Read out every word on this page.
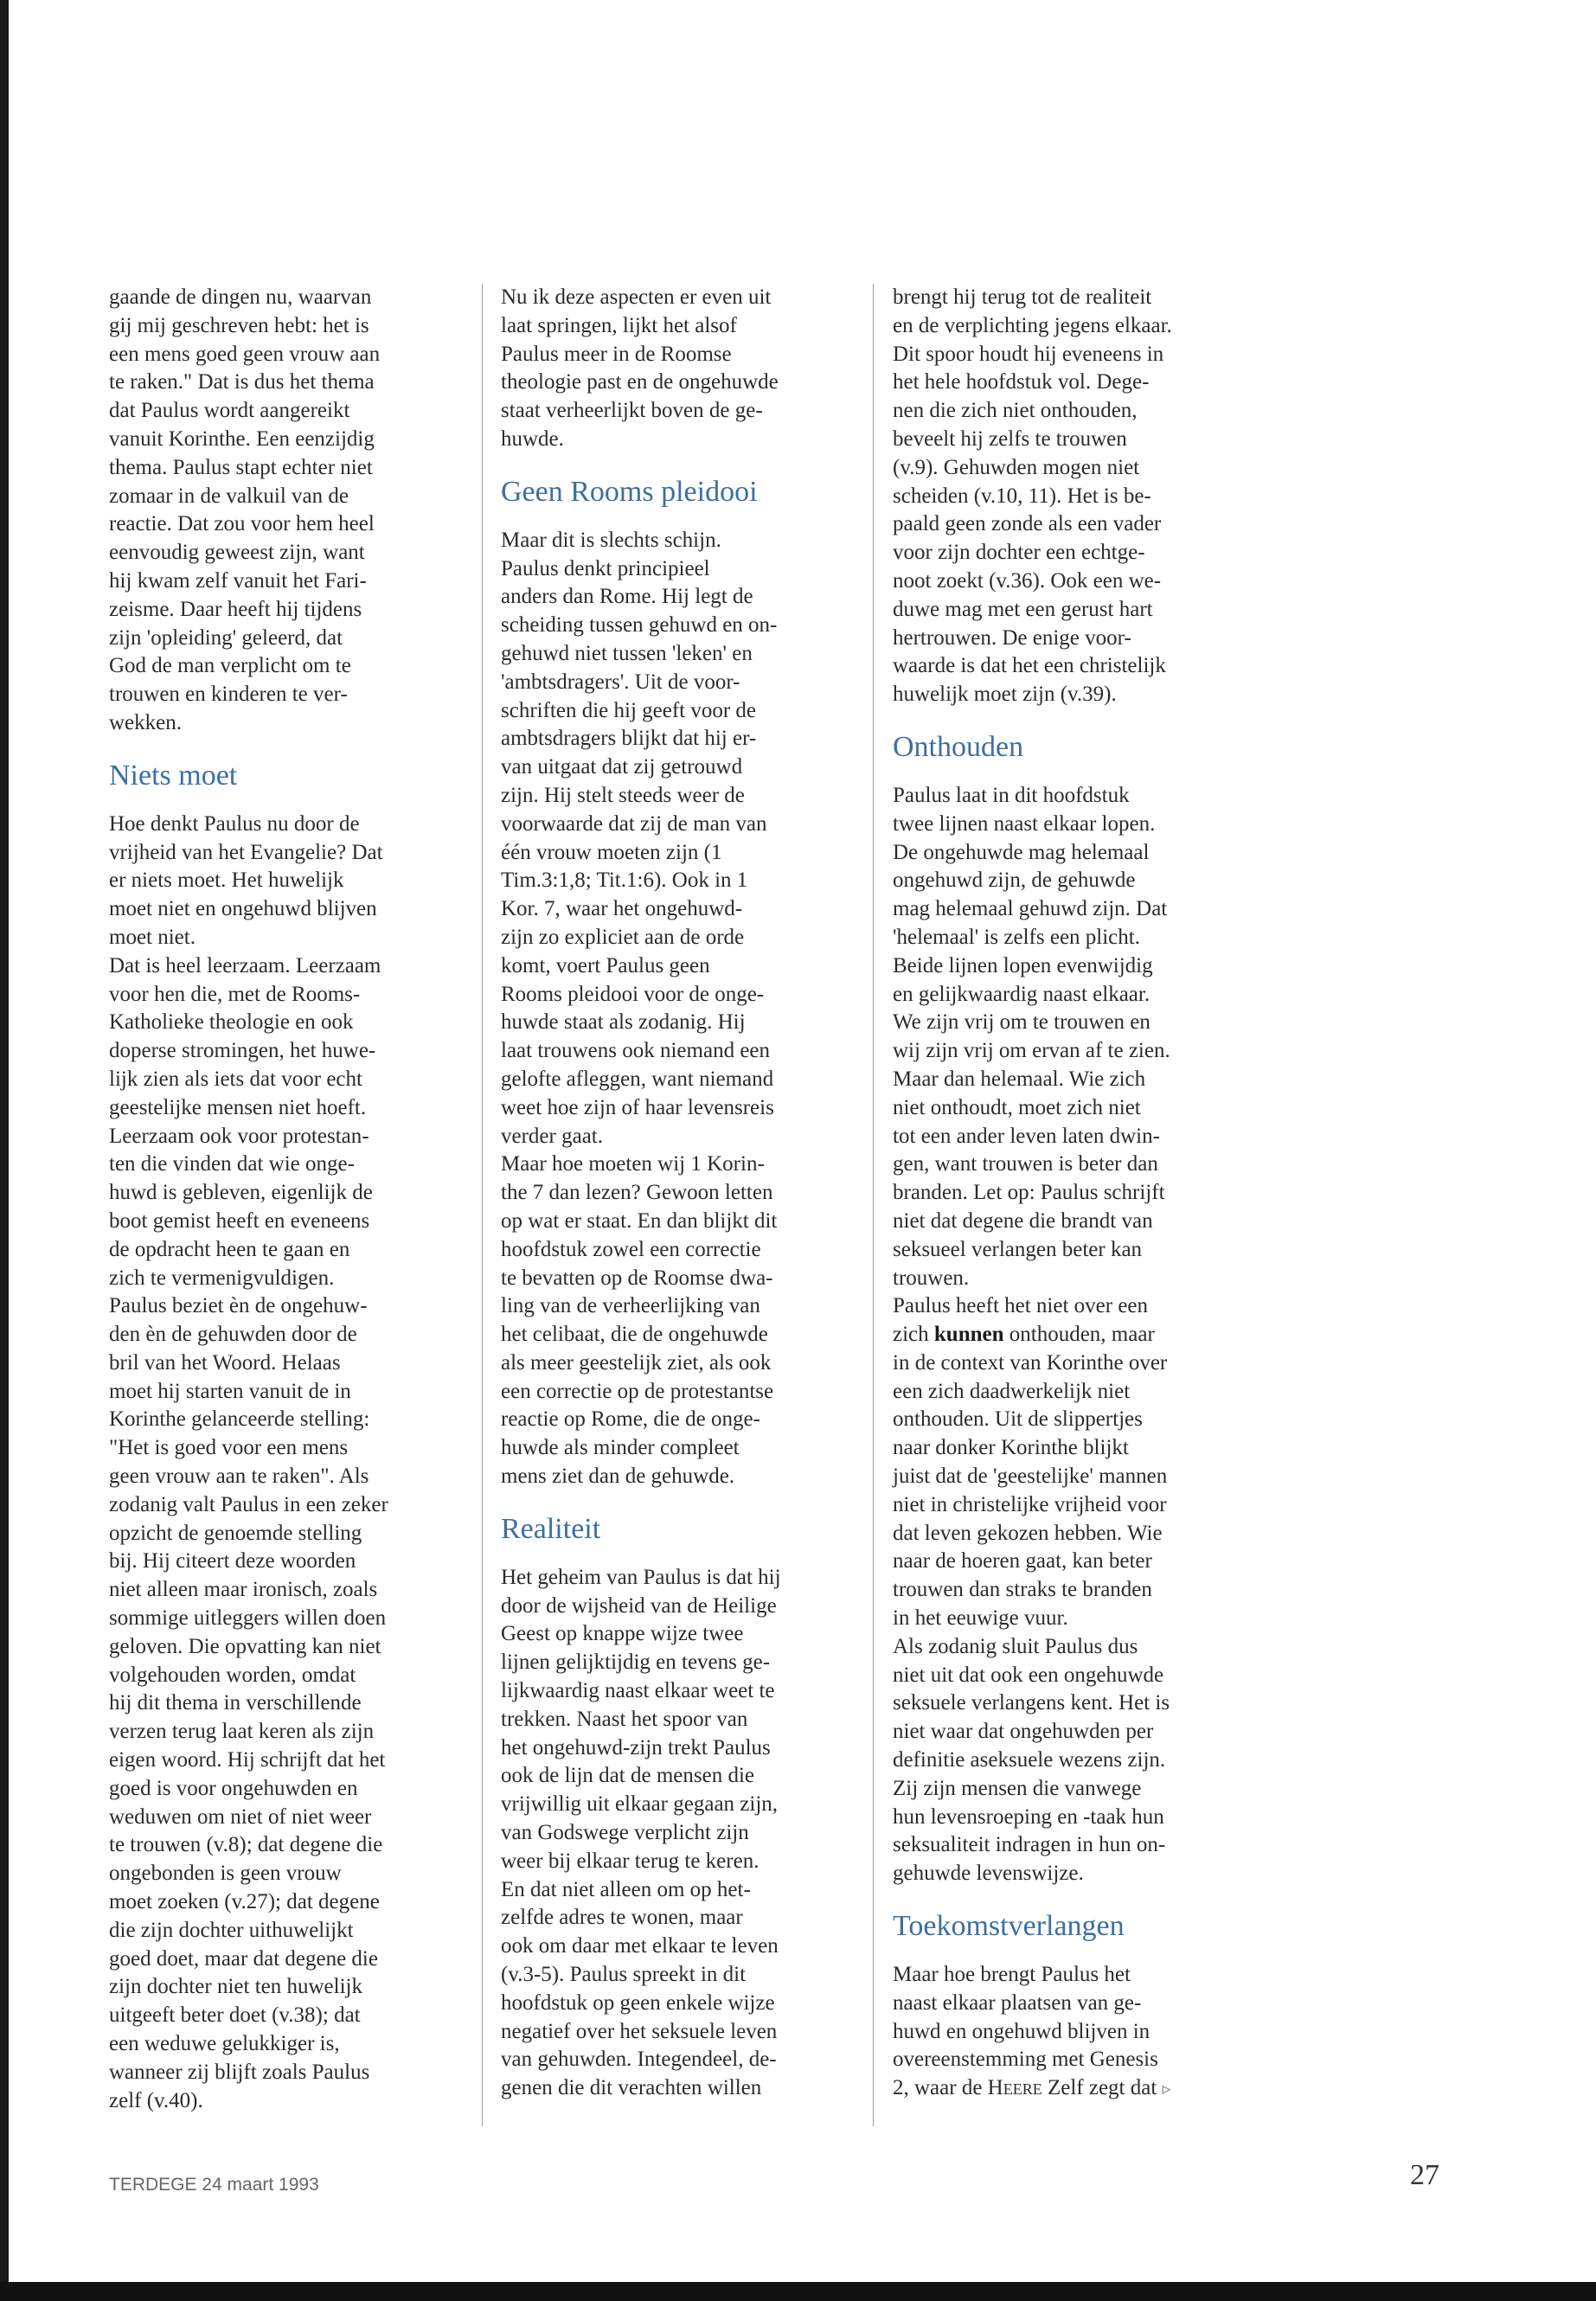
gaande de dingen nu, waarvan
gij mij geschreven hebt: het is
een mens goed geen vrouw aan
te raken." Dat is dus het thema
dat Paulus wordt aangereikt
vanuit Korinthe. Een eenzijdig
thema. Paulus stapt echter niet
zomaar in de valkuil van de
reactie. Dat zou voor hem heel
eenvoudig geweest zijn, want
hij kwam zelf vanuit het Fari-
zeisme. Daar heeft hij tijdens
zijn 'opleiding' geleerd, dat
God de man verplicht om te
trouwen en kinderen te ver-
wekken.
Niets moet
Hoe denkt Paulus nu door de
vrijheid van het Evangelie? Dat
er niets moet. Het huwelijk
moet niet en ongehuwd blijven
moet niet.
Dat is heel leerzaam. Leerzaam
voor hen die, met de Rooms-
Katholieke theologie en ook
doperse stromingen, het huwe-
lijk zien als iets dat voor echt
geestelijke mensen niet hoeft.
Leerzaam ook voor protestan-
ten die vinden dat wie onge-
huwd is gebleven, eigenlijk de
boot gemist heeft en eveneens
de opdracht heen te gaan en
zich te vermenigvuldigen.
Paulus beziet èn de ongehuw-
den èn de gehuwden door de
bril van het Woord. Helaas
moet hij starten vanuit de in
Korinthe gelanceerde stelling:
"Het is goed voor een mens
geen vrouw aan te raken". Als
zodanig valt Paulus in een zeker
opzicht de genoemde stelling
bij. Hij citeert deze woorden
niet alleen maar ironisch, zoals
sommige uitleggers willen doen
geloven. Die opvatting kan niet
volgehouden worden, omdat
hij dit thema in verschillende
verzen terug laat keren als zijn
eigen woord. Hij schrijft dat het
goed is voor ongehuwden en
weduwen om niet of niet weer
te trouwen (v.8); dat degene die
ongebonden is geen vrouw
moet zoeken (v.27); dat degene
die zijn dochter uithuwelijkt
goed doet, maar dat degene die
zijn dochter niet ten huwelijk
uitgeeft beter doet (v.38); dat
een weduwe gelukkiger is,
wanneer zij blijft zoals Paulus
zelf (v.40).
Nu ik deze aspecten er even uit
laat springen, lijkt het alsof
Paulus meer in de Roomse
theologie past en de ongehuwde
staat verheerlijkt boven de ge-
huwde.
Geen Rooms pleidooi
Maar dit is slechts schijn.
Paulus denkt principieel
anders dan Rome. Hij legt de
scheiding tussen gehuwd en on-
gehuwd niet tussen 'leken' en
'ambtsdragers'. Uit de voor-
schriften die hij geeft voor de
ambtsdragers blijkt dat hij er-
van uitgaat dat zij getrouwd
zijn. Hij stelt steeds weer de
voorwaarde dat zij de man van
één vrouw moeten zijn (1
Tim.3:1,8; Tit.1:6). Ook in 1
Kor. 7, waar het ongehuwd-
zijn zo expliciet aan de orde
komt, voert Paulus geen
Rooms pleidooi voor de onge-
huwde staat als zodanig. Hij
laat trouwens ook niemand een
gelofte afleggen, want niemand
weet hoe zijn of haar levensreis
verder gaat.
Maar hoe moeten wij 1 Korin-
the 7 dan lezen? Gewoon letten
op wat er staat. En dan blijkt dit
hoofdstuk zowel een correctie
te bevatten op de Roomse dwa-
ling van de verheerlijking van
het celibaat, die de ongehuwde
als meer geestelijk ziet, als ook
een correctie op de protestantse
reactie op Rome, die de onge-
huwde als minder compleet
mens ziet dan de gehuwde.
Realiteit
Het geheim van Paulus is dat hij
door de wijsheid van de Heilige
Geest op knappe wijze twee
lijnen gelijktijdig en tevens ge-
lijkwaardig naast elkaar weet te
trekken. Naast het spoor van
het ongehuwd-zijn trekt Paulus
ook de lijn dat de mensen die
vrijwillig uit elkaar gegaan zijn,
van Godswege verplicht zijn
weer bij elkaar terug te keren.
En dat niet alleen om op het-
zelfde adres te wonen, maar
ook om daar met elkaar te leven
(v.3-5). Paulus spreekt in dit
hoofdstuk op geen enkele wijze
negatief over het seksuele leven
van gehuwden. Integendeel, de-
genen die dit verachten willen
brengt hij terug tot de realiteit
en de verplichting jegens elkaar.
Dit spoor houdt hij eveneens in
het hele hoofdstuk vol. Dege-
nen die zich niet onthouden,
beveelt hij zelfs te trouwen
(v.9). Gehuwden mogen niet
scheiden (v.10, 11). Het is be-
paald geen zonde als een vader
voor zijn dochter een echtge-
noot zoekt (v.36). Ook een we-
duwe mag met een gerust hart
hertrouwen. De enige voor-
waarde is dat het een christelijk
huwelijk moet zijn (v.39).
Onthouden
Paulus laat in dit hoofdstuk
twee lijnen naast elkaar lopen.
De ongehuwde mag helemaal
ongehuwd zijn, de gehuwde
mag helemaal gehuwd zijn. Dat
'helemaal' is zelfs een plicht.
Beide lijnen lopen evenwijdig
en gelijkwaardig naast elkaar.
We zijn vrij om te trouwen en
wij zijn vrij om ervan af te zien.
Maar dan helemaal. Wie zich
niet onthoudt, moet zich niet
tot een ander leven laten dwin-
gen, want trouwen is beter dan
branden. Let op: Paulus schrijft
niet dat degene die brandt van
seksueel verlangen beter kan
trouwen.
Paulus heeft het niet over een
zich kunnen onthouden, maar
in de context van Korinthe over
een zich daadwerkelijk niet
onthouden. Uit de slippertjes
naar donker Korinthe blijkt
juist dat de 'geestelijke' mannen
niet in christelijke vrijheid voor
dat leven gekozen hebben. Wie
naar de hoeren gaat, kan beter
trouwen dan straks te branden
in het eeuwige vuur.
Als zodanig sluit Paulus dus
niet uit dat ook een ongehuwde
seksuele verlangens kent. Het is
niet waar dat ongehuwden per
definitie aseksuele wezens zijn.
Zij zijn mensen die vanwege
hun levensroeping en -taak hun
seksualiteit indragen in hun on-
gehuwde levenswijze.
Toekomstverlangen
Maar hoe brengt Paulus het
naast elkaar plaatsen van ge-
huwd en ongehuwd blijven in
overeenstemming met Genesis
2, waar de Heere Zelf zegt dat ▹
TERDEGE 24 maart 1993	27
